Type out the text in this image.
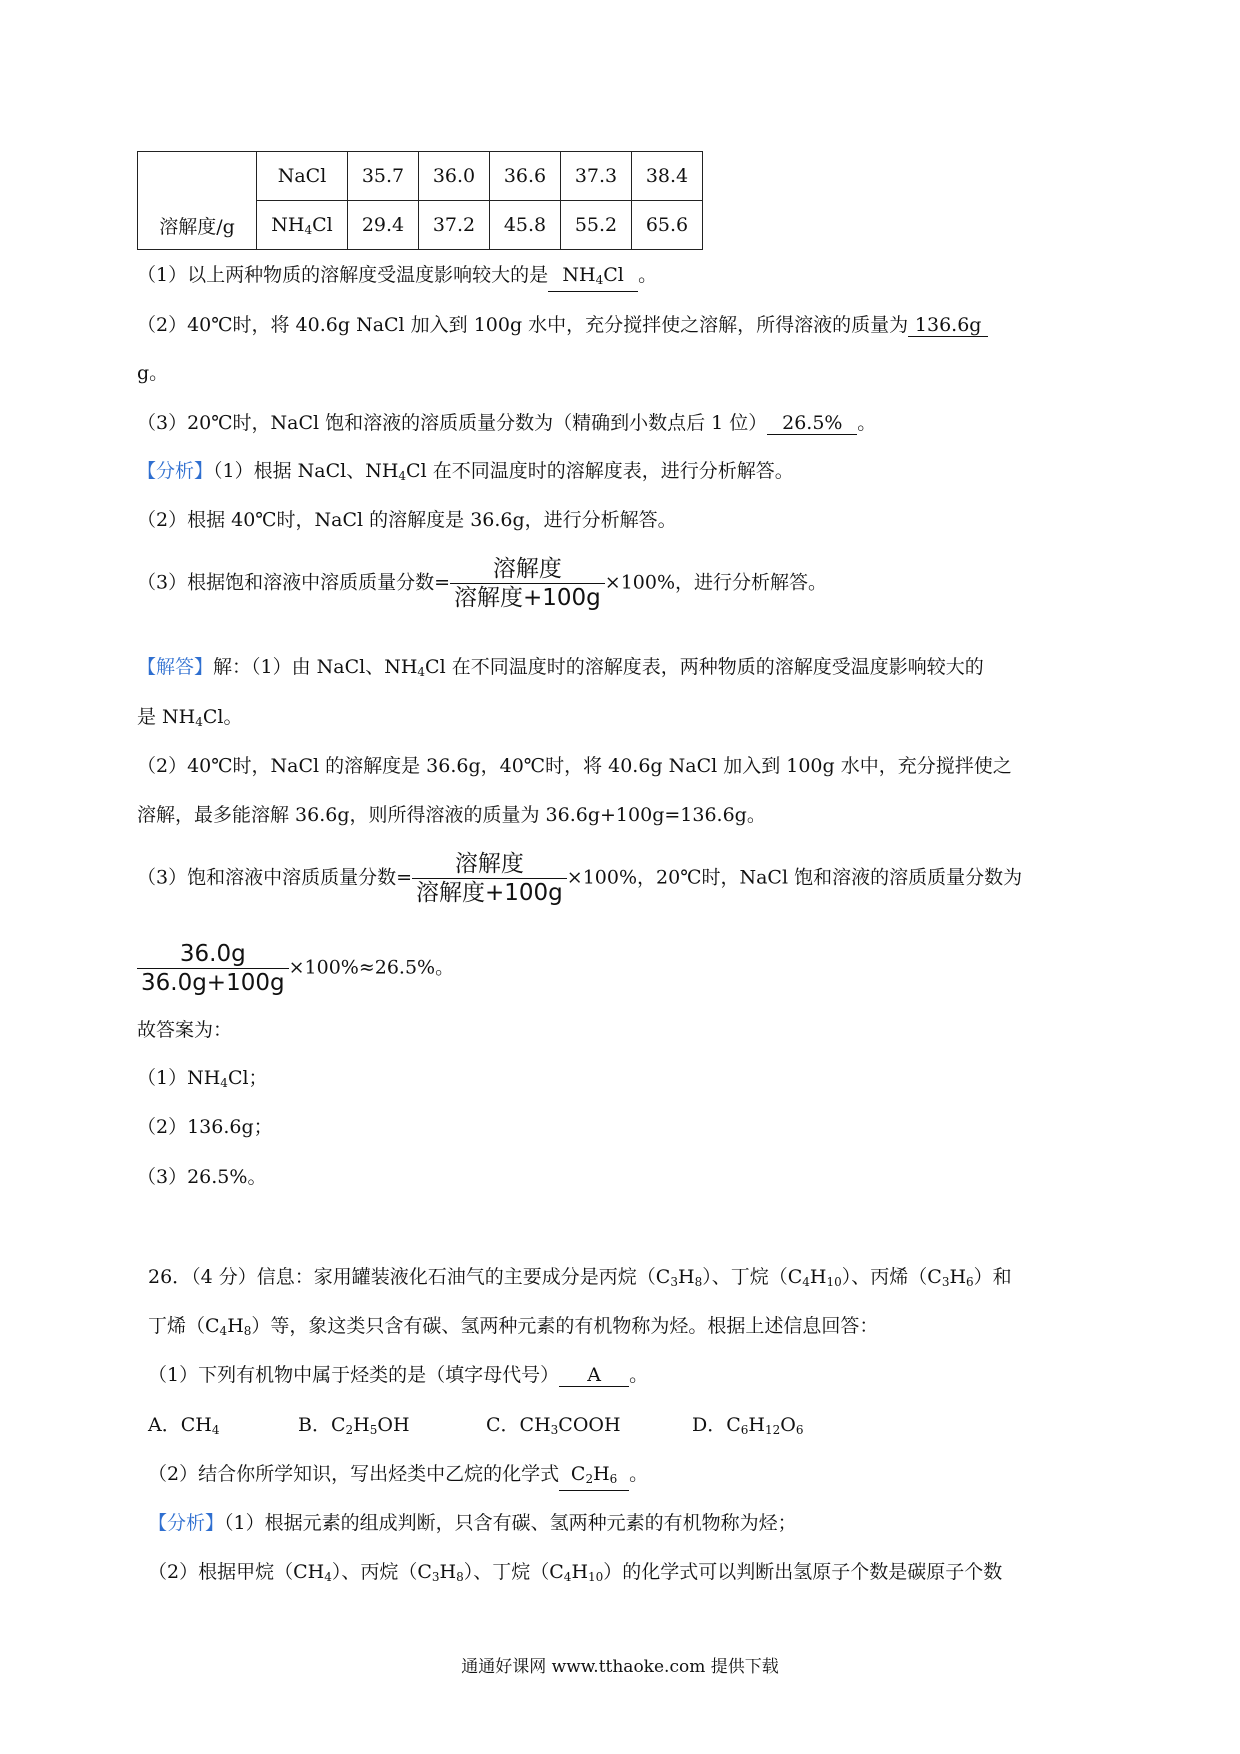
溶解度/g	NaCl	35.7	36.0	36.6	37.3	38.4
	$NH_4Cl$	29.4	37.2	45.8	55.2	65.6
（1）以上两种物质的溶解度受温度影响较大的是 $NH_4Cl$ 。
（2）40℃时，将 40.6g NaCl 加入到 100g 水中，充分搅拌使之溶解，所得溶液的质量为 136.6g
g。
（3）20℃时，NaCl 饱和溶液的溶质质量分数为（精确到小数点后 1 位） 26.5% 。
【分析】（1）根据 NaCl、$NH_4Cl$ 在不同温度时的溶解度表，进行分析解答。
（2）根据 40℃时，NaCl 的溶解度是 36.6g，进行分析解答。
（3）根据饱和溶液中溶质质量分数= $\frac{\text{溶解度}}{\text{溶解度+100g}} \times 100\%$，进行分析解答。
【解答】解：（1）由 NaCl、$NH_4Cl$ 在不同温度时的溶解度表，两种物质的溶解度受温度影响较大的
是 $NH_4Cl$。
（2）40℃时，NaCl 的溶解度是 36.6g，40℃时，将 40.6g NaCl 加入到 100g 水中，充分搅拌使之
溶解，最多能溶解 36.6g，则所得溶液的质量为 36.6g+100g=136.6g。
（3）饱和溶液中溶质质量分数= $\frac{\text{溶解度}}{\text{溶解度+100g}} \times 100\%$，20℃时，NaCl 饱和溶液的溶质质量分数为
$\frac{36.0g}{36.0g+100g} \times 100\%\approx 26.5\%$。
故答案为：
$(1)NH_4Cl$；
（2）136.6g；
（3）26.5%。
26．（4 分）信息：家用罐装液化石油气的主要成分是丙烷$(C_3H_8)$、丁烷$(C_4H_{10})$、丙烯$(C_3H_6)$和
丁烯$(C_4H_8)$等，象这类只含有碳、氢两种元素的有机物称为烃。根据上述信息回答：
（1）下列有机物中属于烃类的是（填字母代号） A 。
A．$CH_4$	B．$C_2H_5OH$	C．$CH_3COOH$	D．$C_6H_{12}O_6$
（2）结合你所学知识，写出烃类中乙烷的化学式 $C_2H_6$ 。
【分析】（1）根据元素的组成判断，只含有碳、氢两种元素的有机物称为烃；
（2）根据甲烷$(CH_4)$、丙烷$(C_3H_8)$、丁烷$(C_4H_{10})$的化学式可以判断出氢原子个数是碳原子个数
通通好课网 www.tthaoke.com 提供下载
